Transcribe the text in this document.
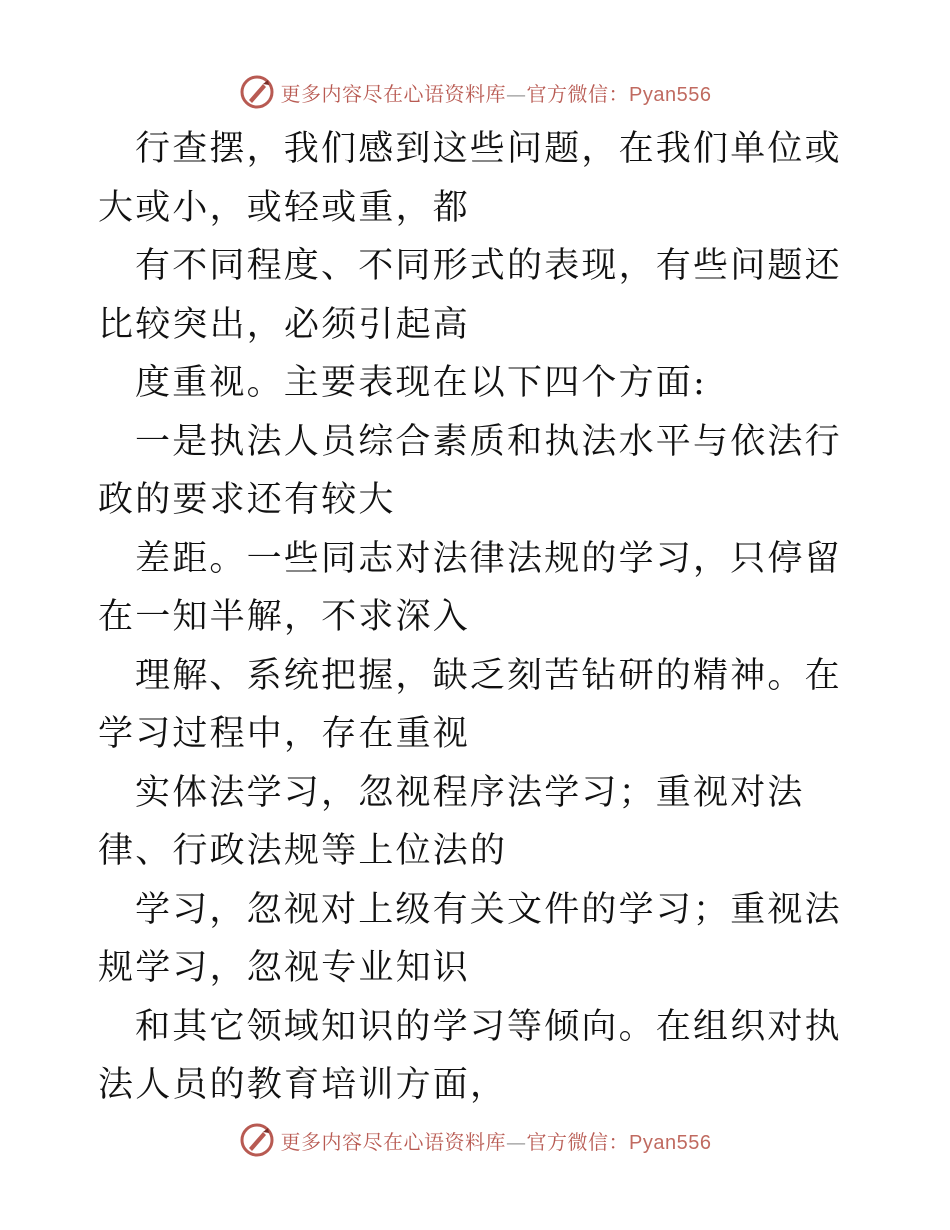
更多内容尽在心语资料库—官方微信：Pyan556

行查摆，我们感到这些问题，在我们单位或大或小，或轻或重，都

有不同程度、不同形式的表现，有些问题还比较突出，必须引起高

度重视。主要表现在以下四个方面:

一是执法人员综合素质和执法水平与依法行政的要求还有较大

差距。一些同志对法律法规的学习，只停留在一知半解，不求深入

理解、系统把握，缺乏刻苦钻研的精神。在学习过程中，存在重视

实体法学习，忽视程序法学习；重视对法律、行政法规等上位法的

学习，忽视对上级有关文件的学习；重视法规学习，忽视专业知识

和其它领域知识的学习等倾向。在组织对执法人员的教育培训方面，

更多内容尽在心语资料库—官方微信：Pyan556
